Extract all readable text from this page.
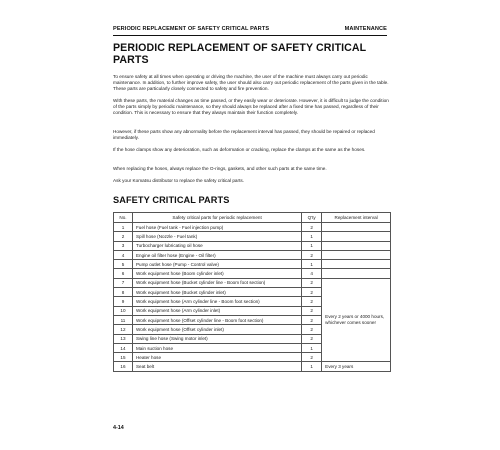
PERIODIC REPLACEMENT OF SAFETY CRITICAL PARTS	MAINTENANCE
PERIODIC REPLACEMENT OF SAFETY CRITICAL PARTS

To ensure safety at all times when operating or driving the machine, the user of the machine must always carry out periodic maintenance. In addition, to further improve safety, the user should also carry out periodic replacement of the parts given in the table. These parts are particularly closely connected to safety and fire prevention.

With these parts, the material changes as time passed, or they easily wear or deteriorate. However, it is difficult to judge the condition of the parts simply by periodic maintenance, so they should always be replaced after a fixed time has passed, regardless of their condition. This is necessary to ensure that they always maintain their function completely.

However, if these parts show any abnormality before the replacement interval has passed, they should be repaired or replaced immediately.

If the hose clamps show any deterioration, such as deformation or cracking, replace the clamps at the same as the hoses.

When replacing the hoses, always replace the O-rings, gaskets, and other such parts at the same time.

Ask your Komatsu distributor to replace the safety critical parts.

SAFETY CRITICAL PARTS
No.	Safety critical parts for periodic replacement	Q'ty	Replacement interval
1	Fuel hose (Fuel tank - Fuel injection pump)	2	
2	Spill hose (Nozzle - Fuel tank)	1	
3	Turbocharger lubricating oil hose	1	
4	Engine oil filter hose (Engine - Oil filter)	2	
5	Pump outlet hose (Pump - Control valve)	1	
6	Work equipment hose (Boom cylinder inlet)	4	
7	Work equipment hose (Bucket cylinder line - Boom foot section)	2	Every 2 years or 4000 hours, whichever comes sooner
8	Work equipment hose (Bucket cylinder inlet)	2	
9	Work equipment hose (Arm cylinder line - Boom foot section)	2	
10	Work equipment hose (Arm cylinder inlet)	2	
11	Work equipment hose (Offset cylinder line - Boom foot section)	2	
12	Work equipment hose (Offset cylinder inlet)	2	
13	Swing line hose (Swing motor inlet)	2	
14	Main suction hose	1	
15	Heater hose	2	
16	Seat belt	1	Every 3 years
4-14
